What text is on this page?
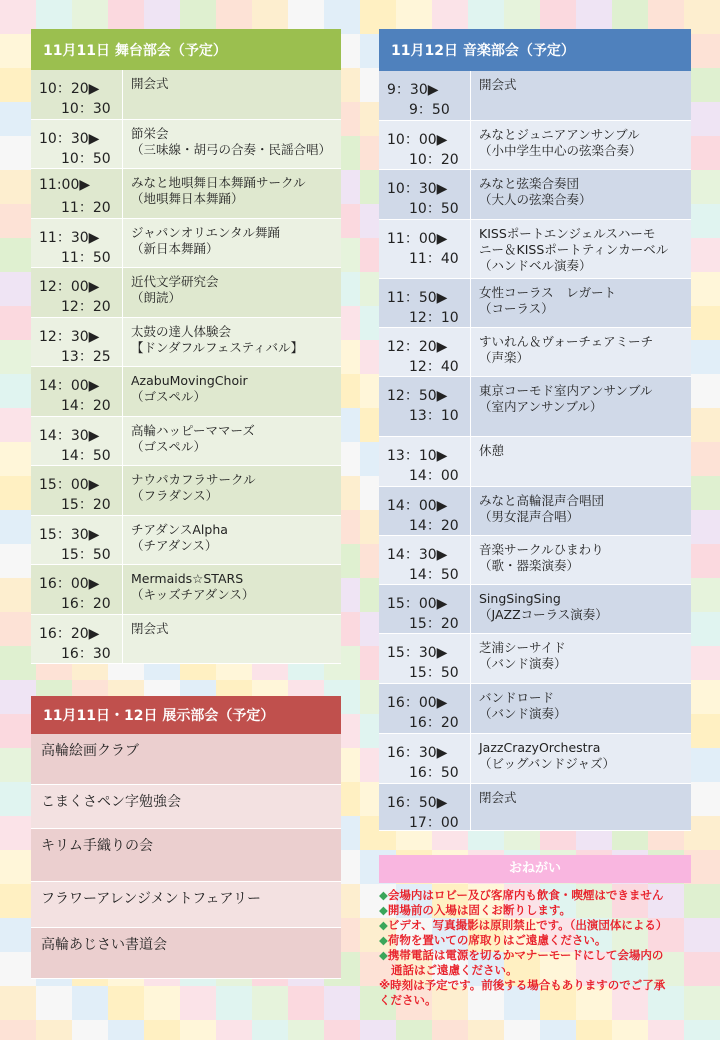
11月11日 舞台部会（予定）
10：20▶
10：30
開会式
10：30▶
10：50
節栄会
（三味線・胡弓の合奏・民謡合唱）
11:00▶
11：20
みなと地唄舞日本舞踊サークル
（地唄舞日本舞踊）
11：30▶
11：50
ジャパンオリエンタル舞踊
（新日本舞踊）
12：00▶
12：20
近代文学研究会
（朗読）
12：30▶
13：25
太鼓の達人体験会
【ドンダフルフェスティバル】
14：00▶
14：20
AzabuMovingChoir
（ゴスペル）
14：30▶
14：50
高輪ハッピーママーズ
（ゴスペル）
15：00▶
15：20
ナウパカフラサークル
（フラダンス）
15：30▶
15：50
チアダンスAlpha
（チアダンス）
16：00▶
16：20
Mermaids☆STARS
（キッズチアダンス）
16：20▶
16：30
閉会式
11月12日 音楽部会（予定）
9：30▶
9：50
開会式
10：00▶
10：20
みなとジュニアアンサンブル
（小中学生中心の弦楽合奏）
10：30▶
10：50
みなと弦楽合奏団
（大人の弦楽合奏）
11：00▶
11：40
KISSポートエンジェルスハーモ
ニー＆KISSポートティンカーベル
（ハンドベル演奏）
11：50▶
12：10
女性コーラス　レガート
（コーラス）
12：20▶
12：40
すいれん＆ヴォーチェアミーチ
（声楽）
12：50▶
13：10
東京コーモド室内アンサンブル
（室内アンサンブル）
13：10▶
14：00
休憩
14：00▶
14：20
みなと高輪混声合唱団
（男女混声合唱）
14：30▶
14：50
音楽サークルひまわり
（歌・器楽演奏）
15：00▶
15：20
SingSingSing
（JAZZコーラス演奏）
15：30▶
15：50
芝浦シーサイド
（バンド演奏）
16：00▶
16：20
バンドロード
（バンド演奏）
16：30▶
16：50
JazzCrazyOrchestra
（ビッグバンドジャズ）
16：50▶
17：00
閉会式
11月11日・12日 展示部会（予定）
高輪絵画クラブ
こまくさペン字勉強会
キリム手織りの会
フラワーアレンジメントフェアリー
高輪あじさい書道会
おねがい
◆会場内はロビー及び客席内も飲食・喫煙はできません
◆開場前の入場は固くお断りします。
◆ビデオ、写真撮影は原則禁止です。（出演団体による）
◆荷物を置いての席取りはご遠慮ください。
◆携帯電話は電源を切るかマナーモードにして会場内の
通話はご遠慮ください。
※時刻は予定です。前後する場合もありますのでご了承
ください。
